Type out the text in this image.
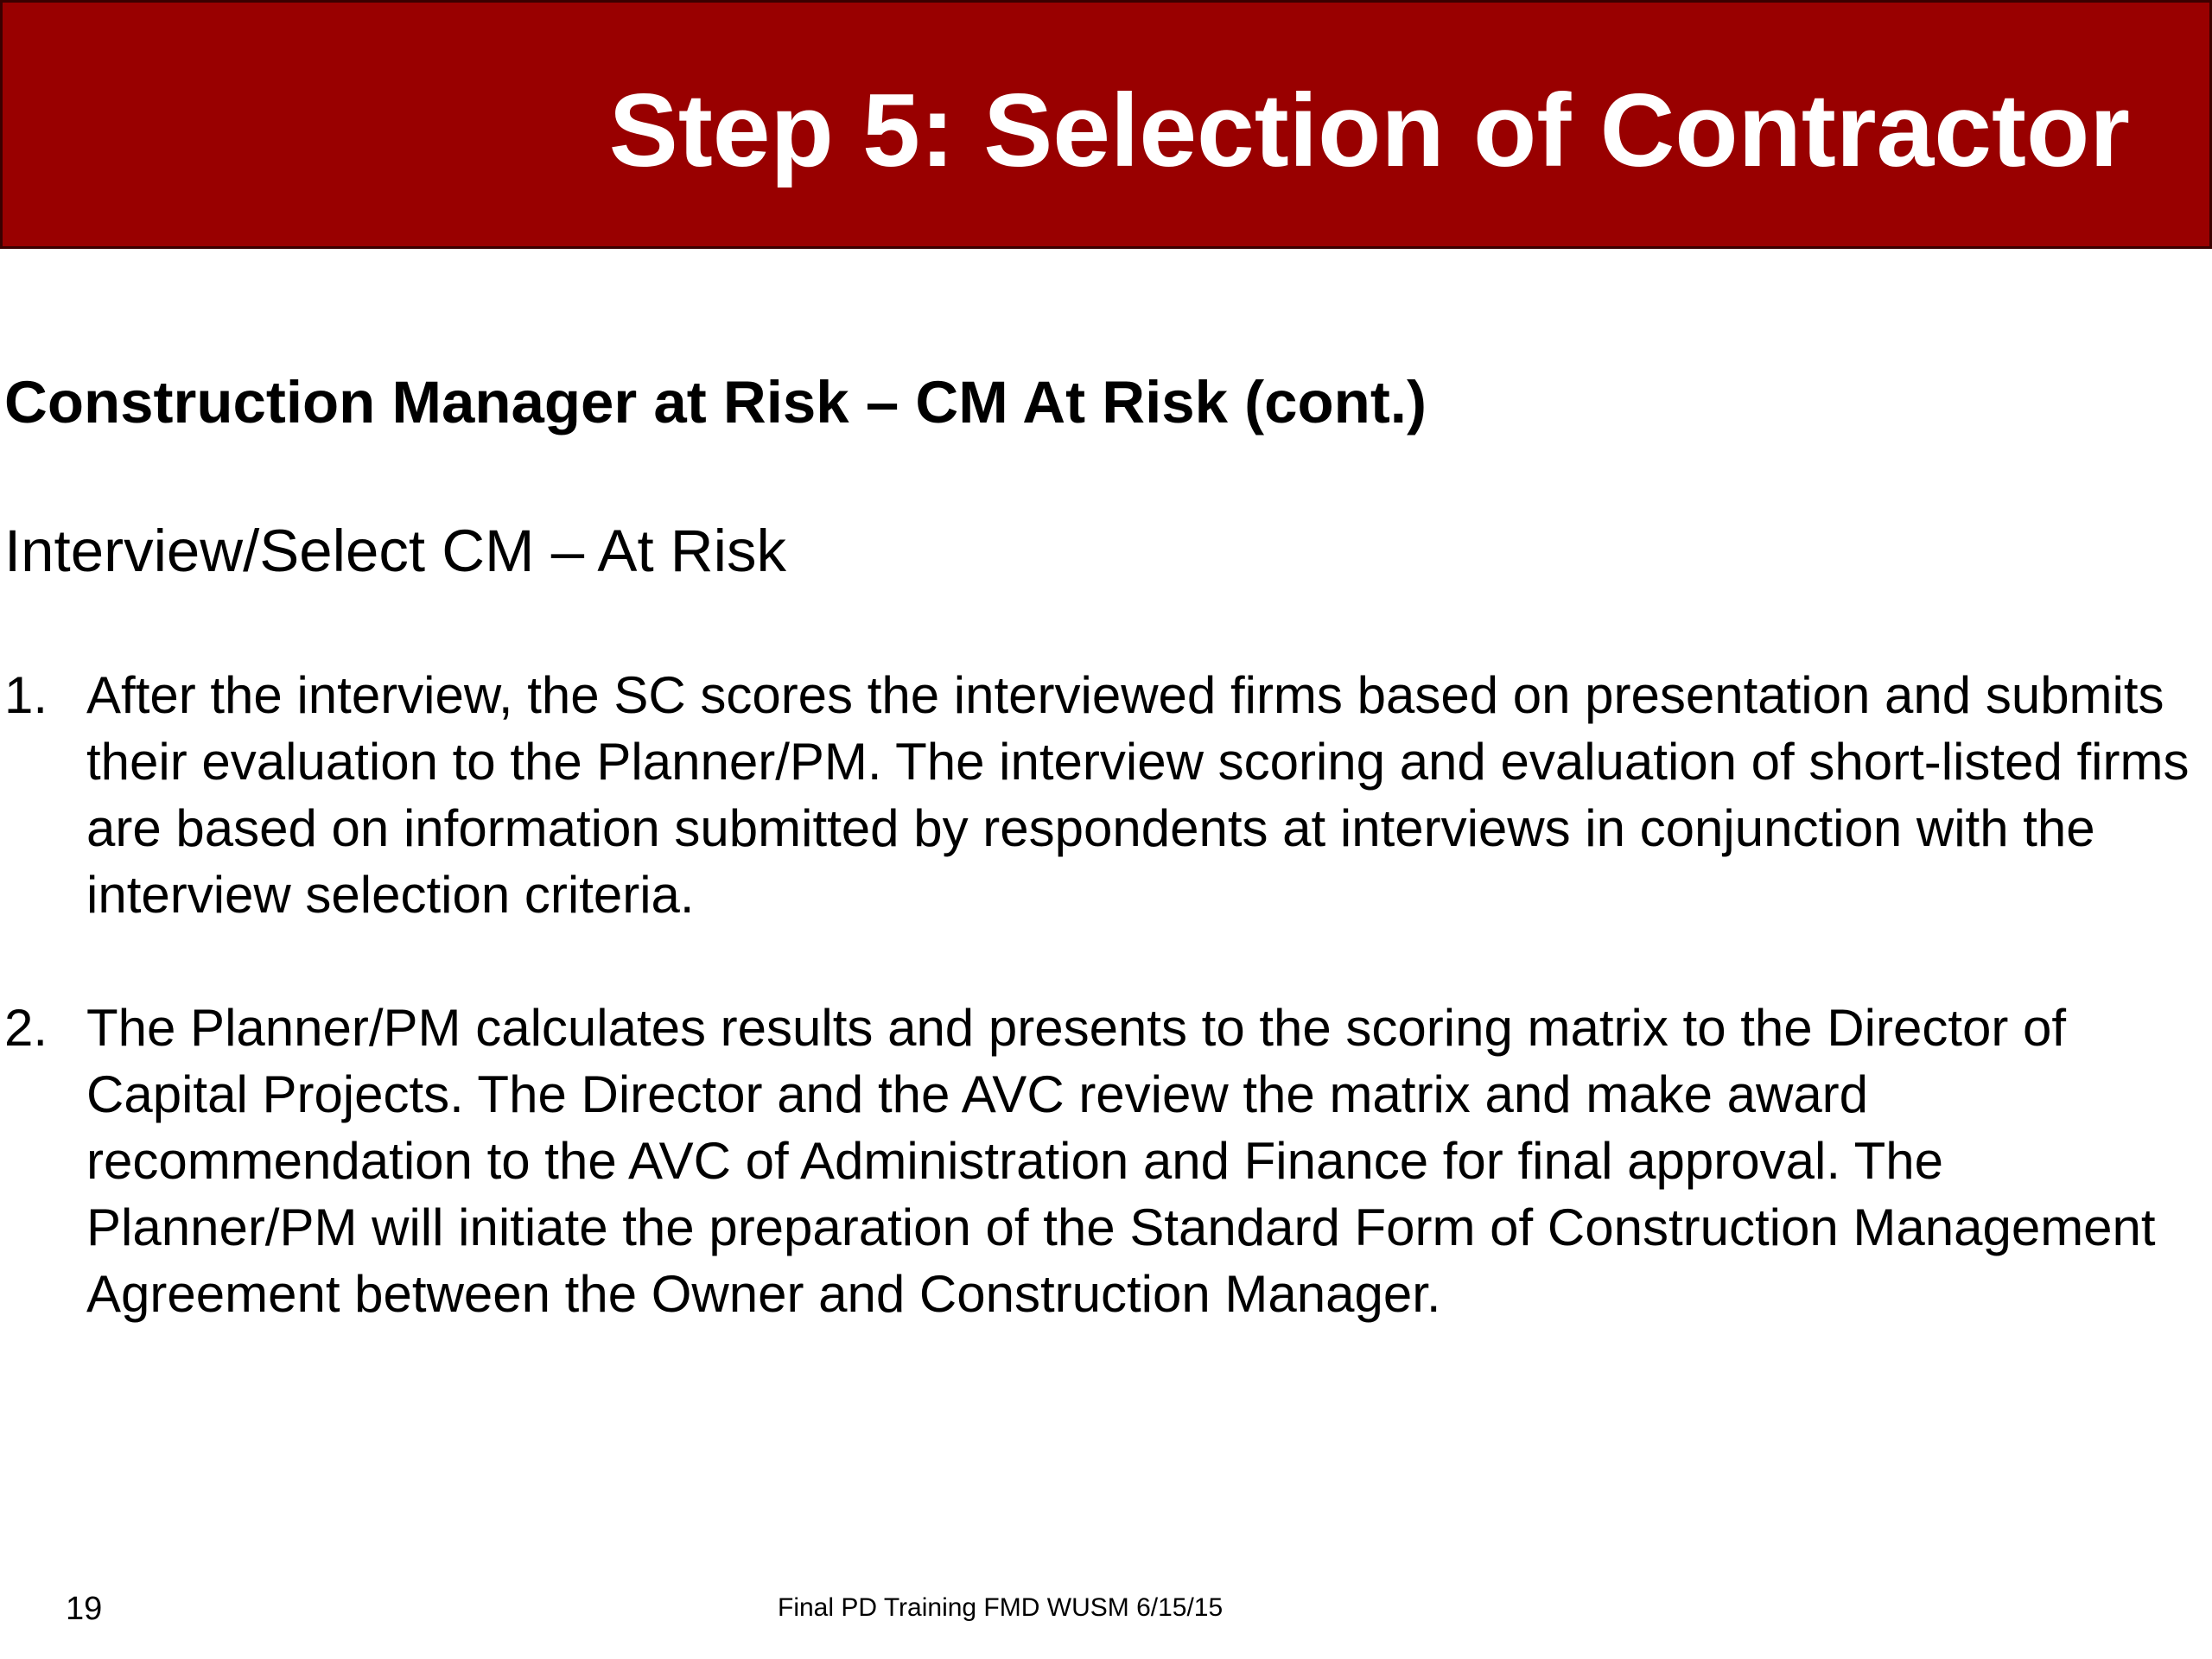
Step 5: Selection of Contractor
Construction Manager at Risk – CM At Risk (cont.)

Interview/Select CM – At Risk

1. After the interview, the SC scores the interviewed firms based on presentation and submits their evaluation to the Planner/PM. The interview scoring and evaluation of short-listed firms are based on information submitted by respondents at interviews in conjunction with the interview selection criteria.
2. The Planner/PM calculates results and presents to the scoring matrix to the Director of Capital Projects. The Director and the AVC review the matrix and make award recommendation to the AVC of Administration and Finance for final approval. The Planner/PM will initiate the preparation of the Standard Form of Construction Management Agreement between the Owner and Construction Manager.
19	Final PD Training FMD WUSM 6/15/15
